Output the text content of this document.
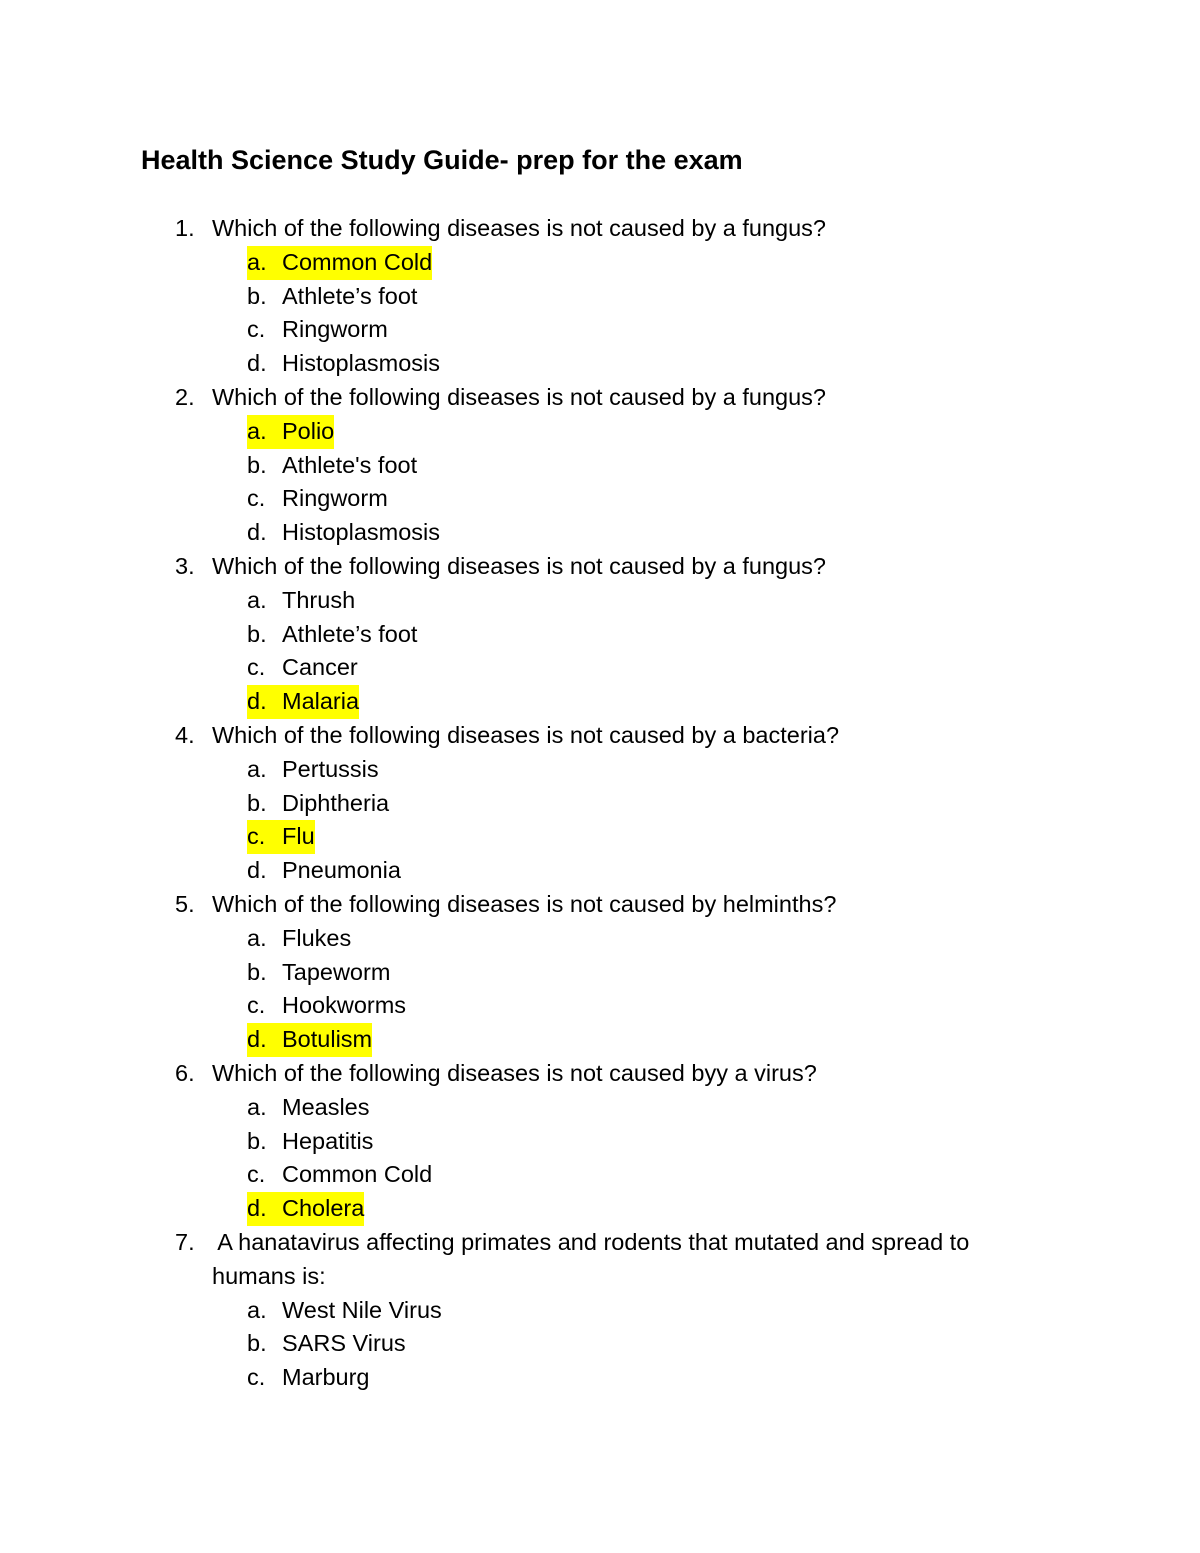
Health Science Study Guide- prep for the exam
1. Which of the following diseases is not caused by a fungus?
a. Common Cold
b. Athlete’s foot
c. Ringworm
d. Histoplasmosis
2. Which of the following diseases is not caused by a fungus?
a. Polio
b. Athlete's foot
c. Ringworm
d. Histoplasmosis
3. Which of the following diseases is not caused by a fungus?
a. Thrush
b. Athlete’s foot
c. Cancer
d. Malaria
4. Which of the following diseases is not caused by a bacteria?
a. Pertussis
b. Diphtheria
c. Flu
d. Pneumonia
5. Which of the following diseases is not caused by helminths?
a. Flukes
b. Tapeworm
c. Hookworms
d. Botulism
6. Which of the following diseases is not caused byy a virus?
a. Measles
b. Hepatitis
c. Common Cold
d. Cholera
7. A hanatavirus affecting primates and rodents that mutated and spread to
humans is:
a. West Nile Virus
b. SARS Virus
c. Marburg
